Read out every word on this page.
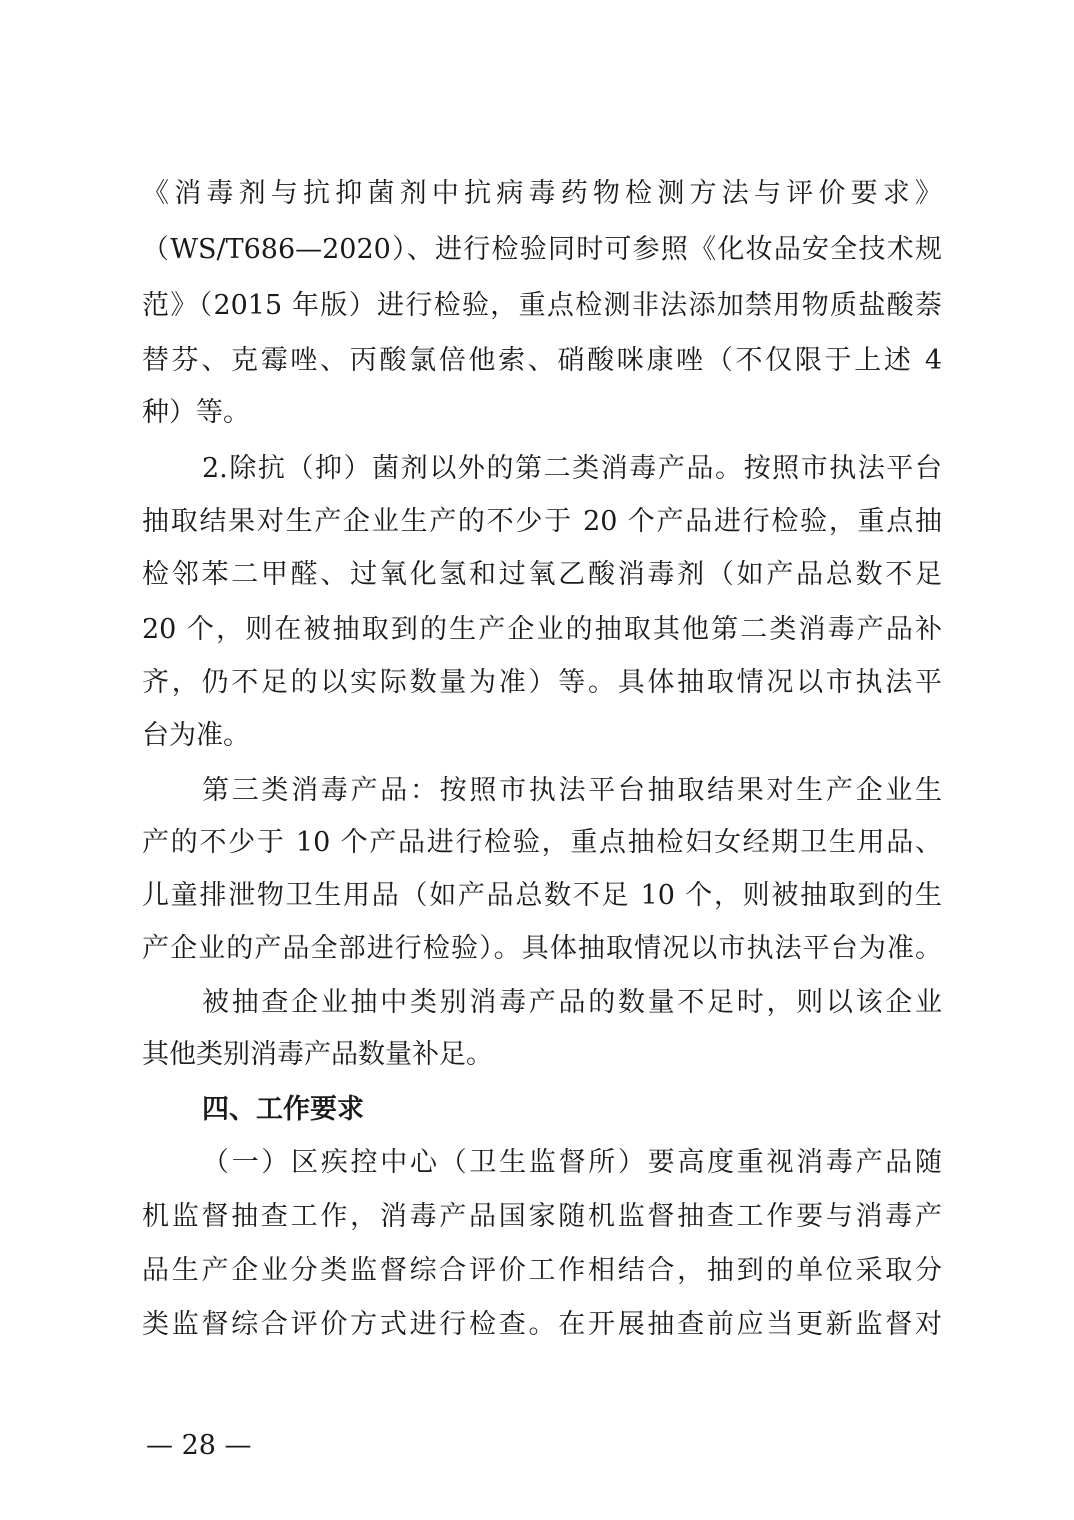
《消毒剂与抗抑菌剂中抗病毒药物检测方法与评价要求》
（WS/T686—2020）、进行检验同时可参照《化妆品安全技术规
范》（2015 年版）进行检验，重点检测非法添加禁用物质盐酸萘
替芬、克霉唑、丙酸氯倍他索、硝酸咪康唑（不仅限于上述 4
种）等。
2.除抗（抑）菌剂以外的第二类消毒产品。按照市执法平台
抽取结果对生产企业生产的不少于 20 个产品进行检验，重点抽
检邻苯二甲醛、过氧化氢和过氧乙酸消毒剂（如产品总数不足
20 个，则在被抽取到的生产企业的抽取其他第二类消毒产品补
齐，仍不足的以实际数量为准）等。具体抽取情况以市执法平
台为准。
第三类消毒产品：按照市执法平台抽取结果对生产企业生
产的不少于 10 个产品进行检验，重点抽检妇女经期卫生用品、
儿童排泄物卫生用品（如产品总数不足 10 个，则被抽取到的生
产企业的产品全部进行检验）。具体抽取情况以市执法平台为准。
被抽查企业抽中类别消毒产品的数量不足时，则以该企业
其他类别消毒产品数量补足。
四、工作要求
（一）区疾控中心（卫生监督所）要高度重视消毒产品随
机监督抽查工作，消毒产品国家随机监督抽查工作要与消毒产
品生产企业分类监督综合评价工作相结合，抽到的单位采取分
类监督综合评价方式进行检查。在开展抽查前应当更新监督对
— 28 —
